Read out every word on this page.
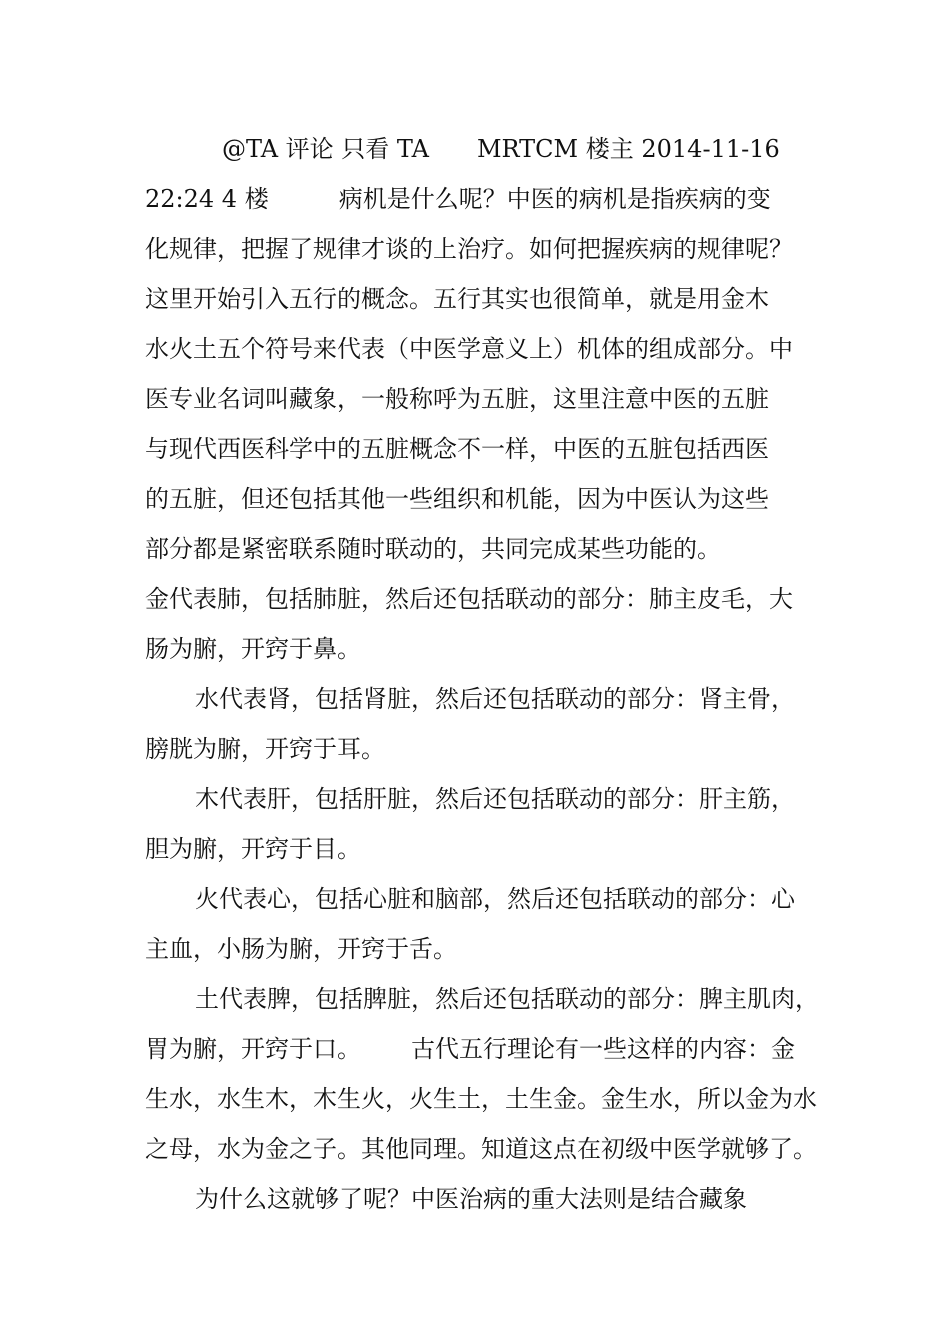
@TA 评论 只看 TA MRTCM 楼主 2014-11-16
22:24 4 楼	病机是什么呢？中医的病机是指疾病的变
化规律，把握了规律才谈的上治疗。如何把握疾病的规律呢？
这里开始引入五行的概念。五行其实也很简单，就是用金木
水火土五个符号来代表（中医学意义上）机体的组成部分。中
医专业名词叫藏象，一般称呼为五脏，这里注意中医的五脏
与现代西医科学中的五脏概念不一样，中医的五脏包括西医
的五脏，但还包括其他一些组织和机能，因为中医认为这些
部分都是紧密联系随时联动的，共同完成某些功能的。
金代表肺，包括肺脏，然后还包括联动的部分：肺主皮毛，大
肠为腑，开窍于鼻。
水代表肾，包括肾脏，然后还包括联动的部分：肾主骨，
膀胱为腑，开窍于耳。
木代表肝，包括肝脏，然后还包括联动的部分：肝主筋，
胆为腑，开窍于目。
火代表心，包括心脏和脑部，然后还包括联动的部分：心
主血，小肠为腑，开窍于舌。
土代表脾，包括脾脏，然后还包括联动的部分：脾主肌肉，
胃为腑，开窍于口。 古代五行理论有一些这样的内容：金
生水，水生木，木生火，火生土，土生金。金生水，所以金为水
之母，水为金之子。其他同理。知道这点在初级中医学就够了。
为什么这就够了呢？中医治病的重大法则是结合藏象
